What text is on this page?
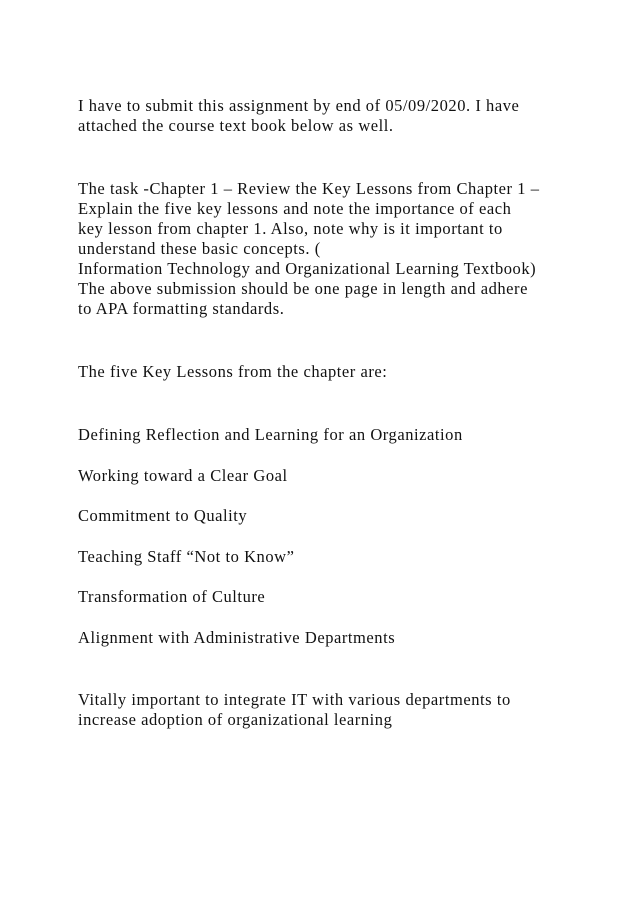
I have to submit this assignment by end of 05/09/2020. I have

attached the course text book below as well.

The task -Chapter 1 – Review the Key Lessons from Chapter 1 –

Explain the five key lessons and note the importance of each

key lesson from chapter 1. Also, note why is it important to

understand these basic concepts. (

Information Technology and Organizational Learning Textbook)

The above submission should be one page in length and adhere

to APA formatting standards.

The five Key Lessons from the chapter are:

Defining Reflection and Learning for an Organization

Working toward a Clear Goal

Commitment to Quality

Teaching Staff “Not to Know”

Transformation of Culture

Alignment with Administrative Departments

Vitally important to integrate IT with various departments to

increase adoption of organizational learning
